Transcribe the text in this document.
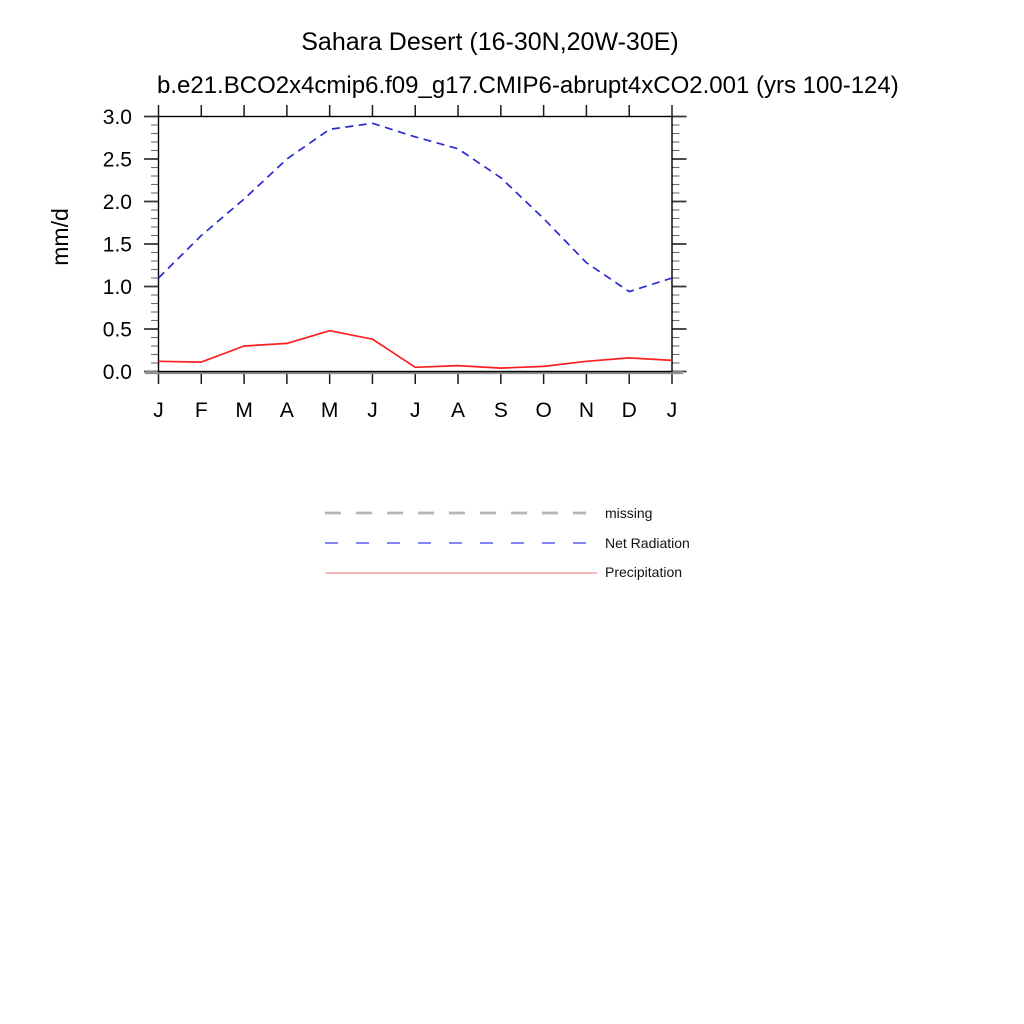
Sahara Desert (16-30N,20W-30E)
b.e21.BCO2x4cmip6.f09_g17.CMIP6-abrupt4xCO2.001 (yrs 100-124)
mm/d
0.0
0.5
1.0
1.5
2.0
2.5
3.0
J F M A M J J A S O N D J
missing
Net Radiation
Precipitation
